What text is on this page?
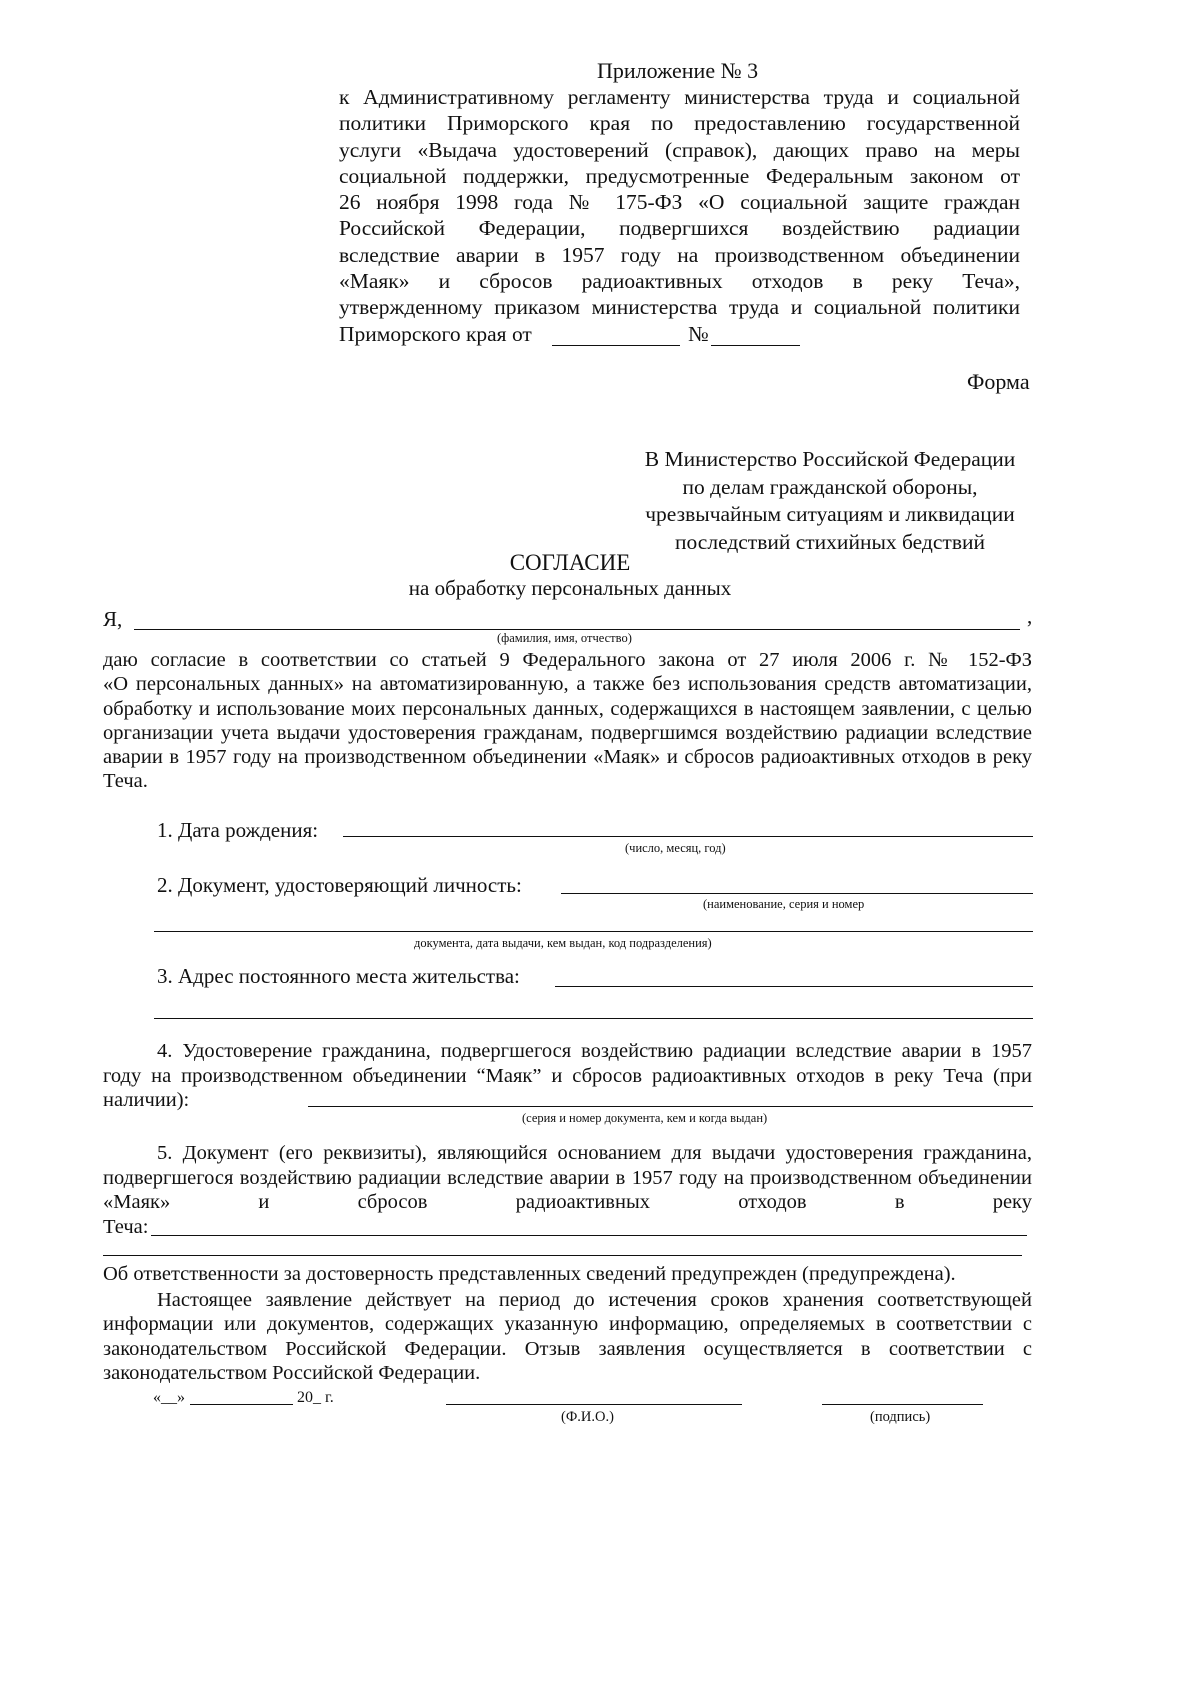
Приложение № 3
к Административному регламенту министерства труда и социальной
политики Приморского края по предоставлению государственной
услуги «Выдача удостоверений (справок), дающих право на меры
социальной поддержки, предусмотренные Федеральным законом от
26 ноября 1998 года № 175-ФЗ «О социальной защите граждан
Российской Федерации, подвергшихся воздействию радиации
вследствие аварии в 1957 году на производственном объединении
«Маяк» и сбросов радиоактивных отходов в реку Теча»,
утвержденному приказом министерства труда и социальной политики
Приморского края от	№
Форма
В Министерство Российской Федерации
по делам гражданской обороны,
чрезвычайным ситуациям и ликвидации
последствий стихийных бедствий
СОГЛАСИЕ
на обработку персональных данных
Я,	,
(фамилия, имя, отчество)
даю согласие в соответствии со статьей 9 Федерального закона от 27 июля 2006 г. № 152-ФЗ
«О персональных данных» на автоматизированную, а также без использования средств автоматизации,
обработку и использование моих персональных данных, содержащихся в настоящем заявлении, с целью
организации учета выдачи удостоверения гражданам, подвергшимся воздействию радиации вследствие
аварии в 1957 году на производственном объединении «Маяк» и сбросов радиоактивных отходов в реку
Теча.
1. Дата рождения:
(число, месяц, год)
2. Документ, удостоверяющий личность:
(наименование, серия и номер
документа, дата выдачи, кем выдан, код подразделения)
3. Адрес постоянного места жительства:
4. Удостоверение гражданина, подвергшегося воздействию радиации вследствие аварии в 1957
году на производственном объединении “Маяк” и сбросов радиоактивных отходов в реку Теча (при
наличии):
(серия и номер документа, кем и когда выдан)
5. Документ (его реквизиты), являющийся основанием для выдачи удостоверения гражданина,
подвергшегося воздействию радиации вследствие аварии в 1957 году на производственном объединении
«Маяк»	и	сбросов	радиоактивных	отходов	в	реку
Теча:
Об ответственности за достоверность представленных сведений предупрежден (предупреждена).
Настоящее заявление действует на период до истечения сроков хранения соответствующей
информации или документов, содержащих указанную информацию, определяемых в соответствии с
законодательством Российской Федерации. Отзыв заявления осуществляется в соответствии с
законодательством Российской Федерации.
«__»	20_ г.
(Ф.И.О.)	(подпись)
